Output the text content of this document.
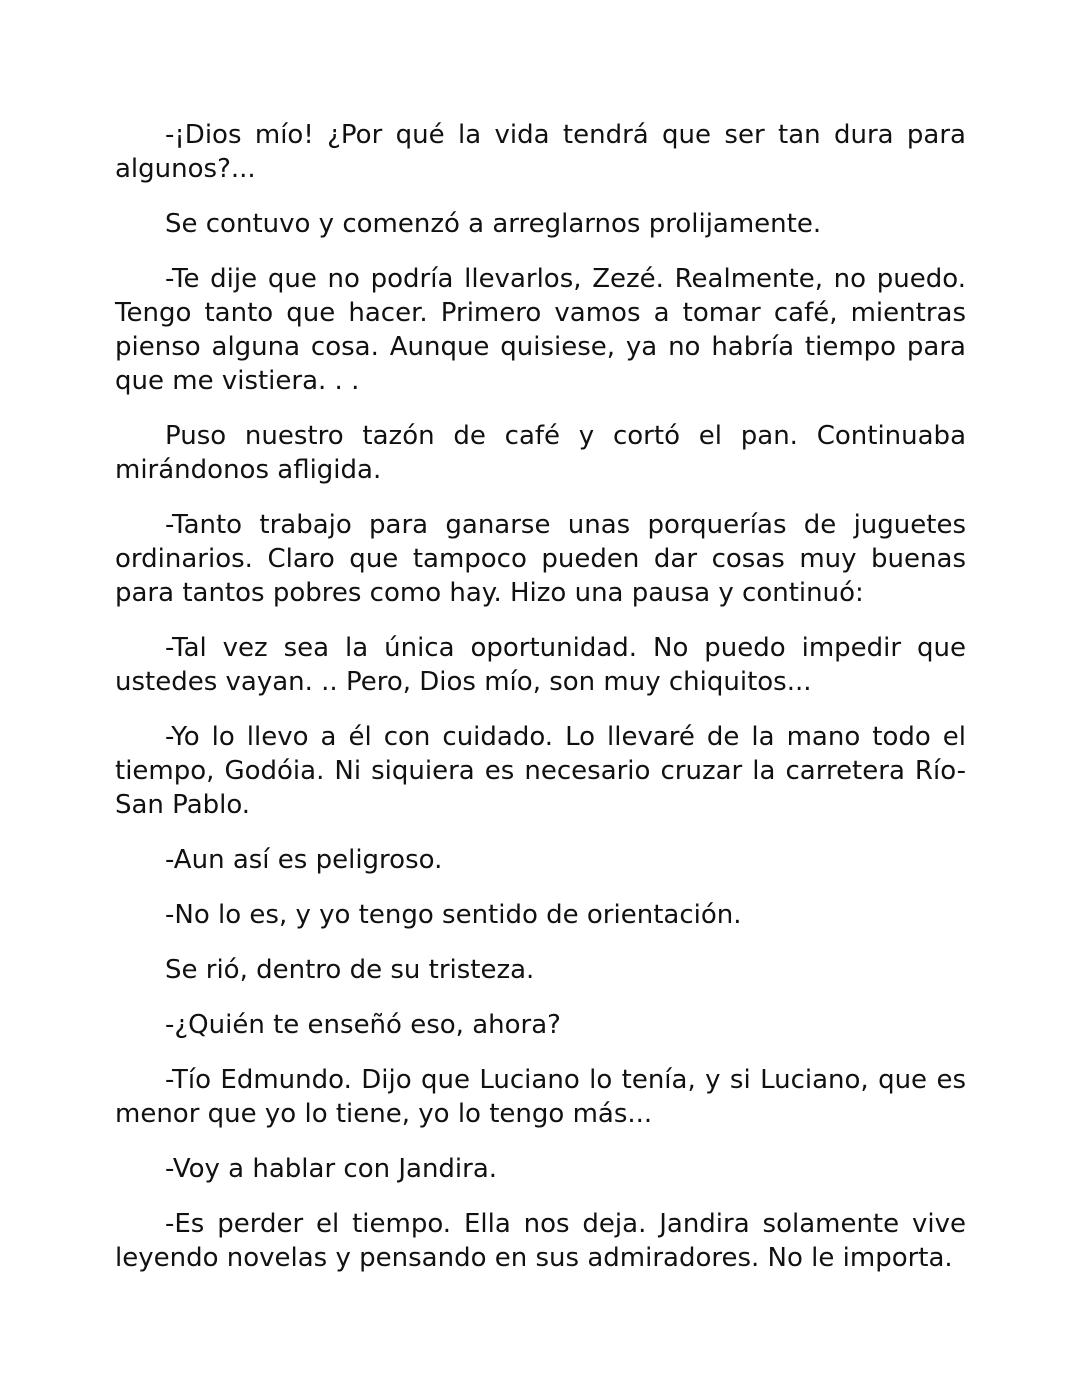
-¡Dios mío! ¿Por qué la vida tendrá que ser tan dura para algunos?...

Se contuvo y comenzó a arreglarnos prolijamente.

-Te dije que no podría llevarlos, Zezé. Realmente, no puedo. Tengo tanto que hacer. Primero vamos a tomar café, mientras pienso alguna cosa. Aunque quisiese, ya no habría tiempo para que me vistiera. . .

Puso nuestro tazón de café y cortó el pan. Continuaba mirándonos afligida.

-Tanto trabajo para ganarse unas porquerías de juguetes ordinarios. Claro que tampoco pueden dar cosas muy buenas para tantos pobres como hay. Hizo una pausa y continuó:

-Tal vez sea la única oportunidad. No puedo impedir que ustedes vayan. .. Pero, Dios mío, son muy chiquitos...

-Yo lo llevo a él con cuidado. Lo llevaré de la mano todo el tiempo, Godóia. Ni siquiera es necesario cruzar la carretera Río-San Pablo.

-Aun así es peligroso.

-No lo es, y yo tengo sentido de orientación.

Se rió, dentro de su tristeza.

-¿Quién te enseñó eso, ahora?

-Tío Edmundo. Dijo que Luciano lo tenía, y si Luciano, que es menor que yo lo tiene, yo lo tengo más...

-Voy a hablar con Jandira.

-Es perder el tiempo. Ella nos deja. Jandira solamente vive leyendo novelas y pensando en sus admiradores. No le importa.
